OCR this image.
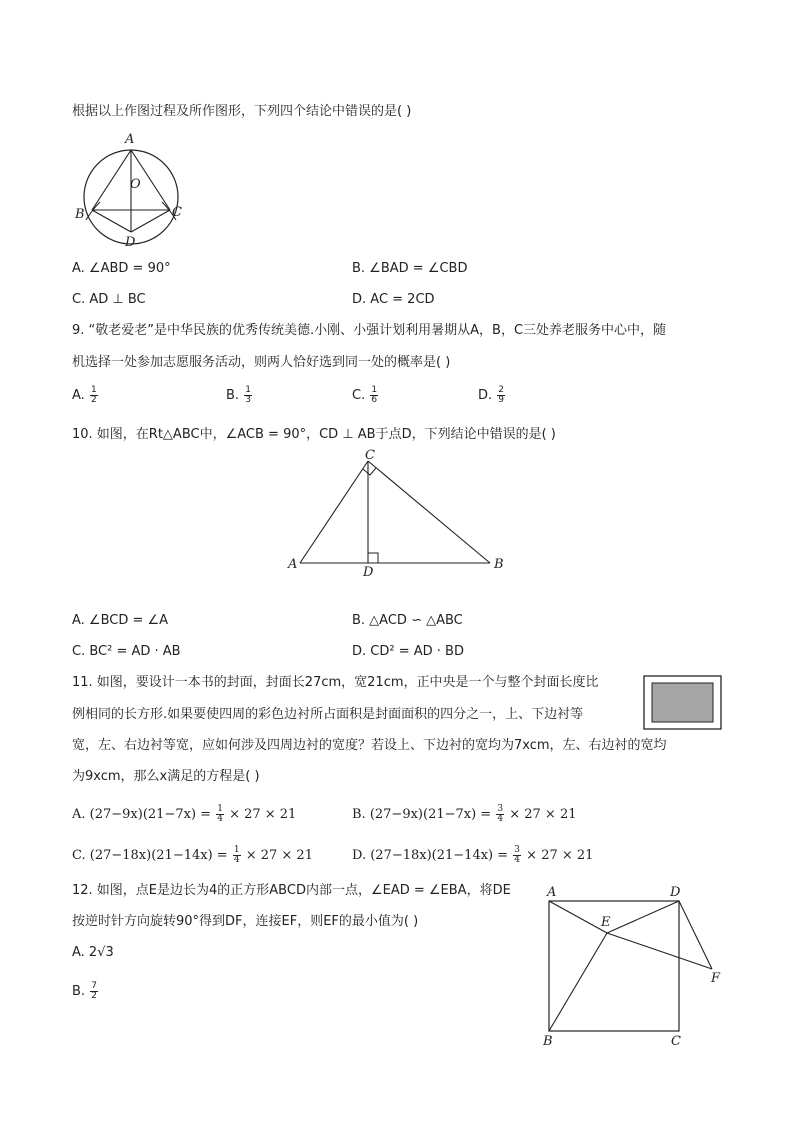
根据以上作图过程及所作图形，下列四个结论中错误的是( )
A
O
B	C
D
A. ∠ABD = 90°	B. ∠BAD = ∠CBD
C. AD ⊥ BC	D. AC = 2CD
9. “敬老爱老”是中华民族的优秀传统美德.小刚、小强计划利用暑期从A，B，C三处养老服务中心中，随
机选择一处参加志愿服务活动，则两人恰好选到同一处的概率是( )
A. $\frac{1}{2}$	B. $\frac{1}{3}$	C. $\frac{1}{6}$	D. $\frac{2}{9}$
10. 如图，在Rt△ABC中，∠ACB = 90°，CD ⊥ AB于点D，下列结论中错误的是( )
C
A	B
D
A. ∠BCD = ∠A	B. △ACD ∽ △ABC
C. BC² = AD · AB	D. CD² = AD · BD
11. 如图，要设计一本书的封面，封面长27cm，宽21cm，正中央是一个与整个封面长度比
例相同的长方形.如果要使四周的彩色边衬所占面积是封面面积的四分之一，上、下边衬等
宽，左、右边衬等宽，应如何涉及四周边衬的宽度？若设上、下边衬的宽均为7xcm，左、右边衬的宽均
为9xcm，那么x满足的方程是( )
A. $(27-9x)(21-7x) = \frac{1}{4} \times 27 \times 21$	B. $(27-9x)(21-7x) = \frac{3}{4} \times 27 \times 21$
C. $(27-18x)(21-14x) = \frac{1}{4} \times 27 \times 21$	D. $(27-18x)(21-14x) = \frac{3}{4} \times 27 \times 21$
12. 如图，点E是边长为4的正方形ABCD内部一点，∠EAD = ∠EBA，将DE
按逆时针方向旋转90°得到DF，连接EF，则EF的最小值为( )
A. 2√3
B. $\frac{7}{2}$
A	D
E
F
B	C
